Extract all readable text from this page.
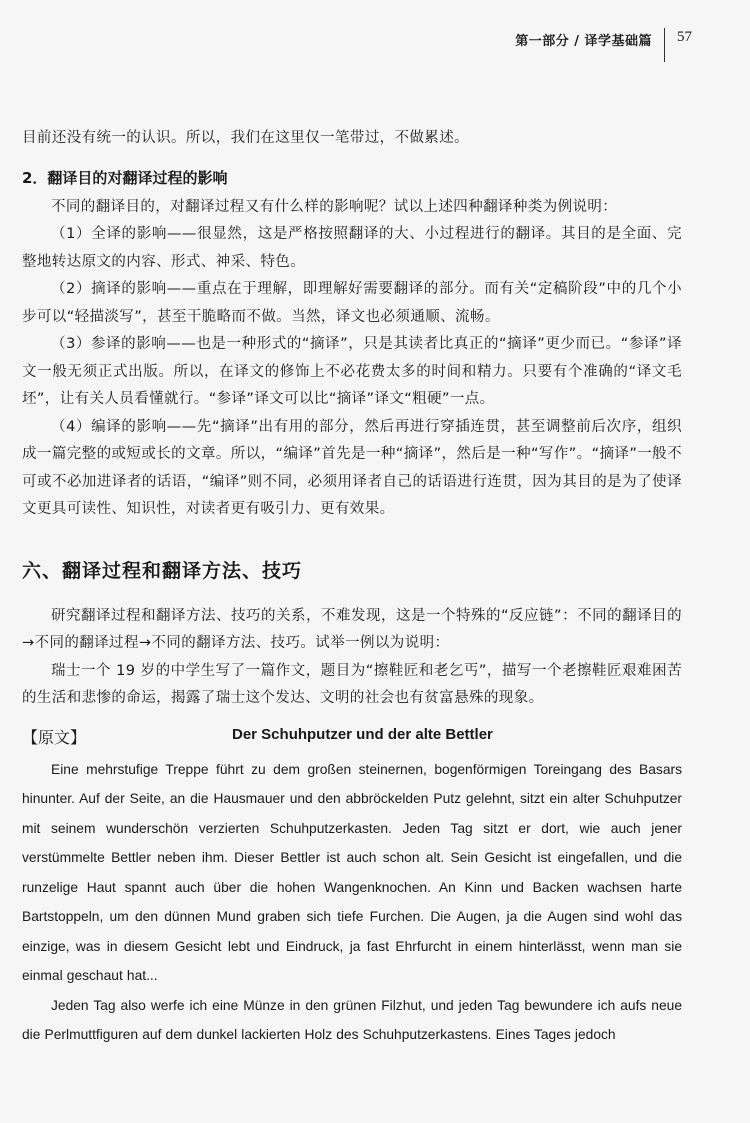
第一部分 / 译学基础篇	57

目前还没有统一的认识。所以，我们在这里仅一笔带过，不做累述。

2．翻译目的对翻译过程的影响

不同的翻译目的，对翻译过程又有什么样的影响呢？试以上述四种翻译种类为例说明：

（1）全译的影响——很显然，这是严格按照翻译的大、小过程进行的翻译。其目的是全面、完整地转达原文的内容、形式、神采、特色。

（2）摘译的影响——重点在于理解，即理解好需要翻译的部分。而有关“定稿阶段”中的几个小步可以“轻描淡写”，甚至干脆略而不做。当然，译文也必须通顺、流畅。

（3）参译的影响——也是一种形式的“摘译”，只是其读者比真正的“摘译”更少而已。“参译”译文一般无须正式出版。所以，在译文的修饰上不必花费太多的时间和精力。只要有个准确的“译文毛坯”，让有关人员看懂就行。“参译”译文可以比“摘译”译文“粗硬”一点。

（4）编译的影响——先“摘译”出有用的部分，然后再进行穿插连贯，甚至调整前后次序，组织成一篇完整的或短或长的文章。所以，“编译”首先是一种“摘译”，然后是一种“写作”。“摘译”一般不可或不必加进译者的话语，“编译”则不同，必须用译者自己的话语进行连贯，因为其目的是为了使译文更具可读性、知识性，对读者更有吸引力、更有效果。

六、翻译过程和翻译方法、技巧

研究翻译过程和翻译方法、技巧的关系，不难发现，这是一个特殊的“反应链”：不同的翻译目的→不同的翻译过程→不同的翻译方法、技巧。试举一例以为说明：

瑞士一个 19 岁的中学生写了一篇作文，题目为“擦鞋匠和老乞丐”，描写一个老擦鞋匠艰难困苦的生活和悲惨的命运，揭露了瑞士这个发达、文明的社会也有贫富悬殊的现象。

【原文】	Der Schuhputzer und der alte Bettler

Eine mehrstufige Treppe führt zu dem großen steinernen, bogenförmigen Toreingang des Basars hinunter. Auf der Seite, an die Hausmauer und den abbröckelden Putz gelehnt, sitzt ein alter Schuhputzer mit seinem wunderschön verzierten Schuhputzerkasten. Jeden Tag sitzt er dort, wie auch jener verstümmelte Bettler neben ihm. Dieser Bettler ist auch schon alt. Sein Gesicht ist eingefallen, und die runzelige Haut spannt auch über die hohen Wangenknochen. An Kinn und Backen wachsen harte Bartstoppeln, um den dünnen Mund graben sich tiefe Furchen. Die Augen, ja die Augen sind wohl das einzige, was in diesem Gesicht lebt und Eindruck, ja fast Ehrfurcht in einem hinterlässt, wenn man sie einmal geschaut hat...

Jeden Tag also werfe ich eine Münze in den grünen Filzhut, und jeden Tag bewundere ich aufs neue die Perlmuttfiguren auf dem dunkel lackierten Holz des Schuhputzerkastens. Eines Tages jedoch
